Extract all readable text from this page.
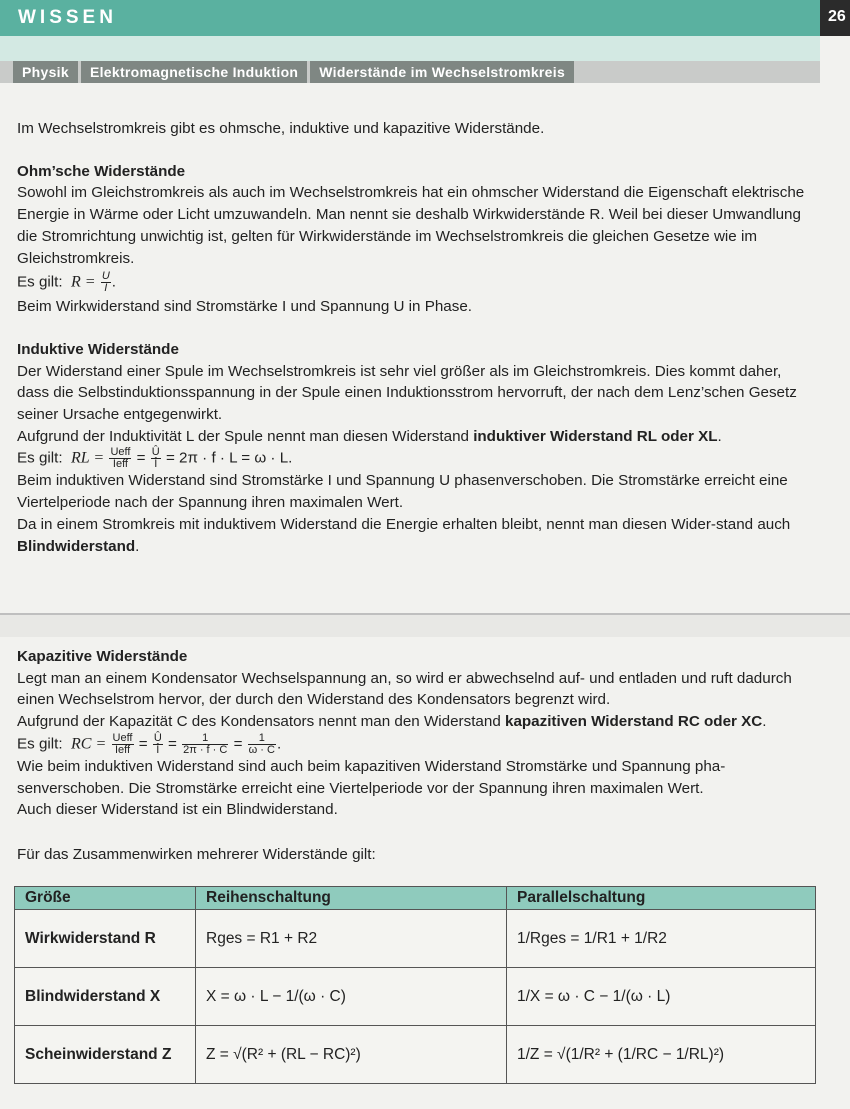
WISSEN	26
Physik	Elektromagnetische Induktion	Widerstände im Wechselstromkreis

Im Wechselstromkreis gibt es ohmsche, induktive und kapazitive Widerstände.

Ohm’sche Widerstände

Sowohl im Gleichstromkreis als auch im Wechselstromkreis hat ein ohmscher Widerstand die Eigenschaft elektrische Energie in Wärme oder Licht umzuwandeln. Man nennt sie deshalb Wirkwiderstände R. Weil bei dieser Umwandlung die Stromrichtung unwichtig ist, gelten für Wirkwiderstände im Wechselstromkreis die gleichen Gesetze wie im Gleichstromkreis.

Es gilt: $R = \frac{U}{I}$ .

Beim Wirkwiderstand sind Stromstärke I und Spannung U in Phase.

Induktive Widerstände

Der Widerstand einer Spule im Wechselstromkreis ist sehr viel größer als im Gleichstromkreis. Dies kommt daher, dass die Selbstinduktionsspannung in der Spule einen Induktionsstrom hervorruft, der nach dem Lenz’schen Gesetz seiner Ursache entgegenwirkt.

Aufgrund der Induktivität L der Spule nennt man diesen Widerstand induktiver Widerstand RL oder XL.

Es gilt: RL = $\frac{\text{Ueff}}{\text{Ieff}} = \frac{Û}{Î} = 2\pi \cdot f \cdot L = \omega \cdot L$.

Beim induktiven Widerstand sind Stromstärke I und Spannung U phasenverschoben. Die Stromstärke erreicht eine Viertelperiode nach der Spannung ihren maximalen Wert.

Da in einem Stromkreis mit induktivem Widerstand die Energie erhalten bleibt, nennt man diesen Wider-stand auch Blindwiderstand.

Kapazitive Widerstände

Legt man an einem Kondensator Wechselspannung an, so wird er abwechselnd auf- und entladen und ruft dadurch einen Wechselstrom hervor, der durch den Widerstand des Kondensators begrenzt wird.

Aufgrund der Kapazität C des Kondensators nennt man den Widerstand kapazitiven Widerstand RC oder XC.

Es gilt: RC = $\frac{\text{Ueff}}{\text{Ieff}} = \frac{Û}{Î} = \frac{1}{2\pi \cdot f \cdot C} = \frac{1}{\omega \cdot C}$ .

Wie beim induktiven Widerstand sind auch beim kapazitiven Widerstand Stromstärke und Spannung pha-senverschoben. Die Stromstärke erreicht eine Viertelperiode vor der Spannung ihren maximalen Wert.

Auch dieser Widerstand ist ein Blindwiderstand.

Für das Zusammenwirken mehrerer Widerstände gilt:

Größe	Reihenschaltung	Parallelschaltung
Wirkwiderstand R	Rges = R1 + R2	1/Rges = 1/R1 + 1/R2
Blindwiderstand X	X = ω · L − 1/(ω · C)	1/X = ω · C − 1/(ω · L)
Scheinwiderstand Z	Z = √(R² + (RL − RC)²)	1/Z = √(1/R² + (1/RC − 1/RL)²)
